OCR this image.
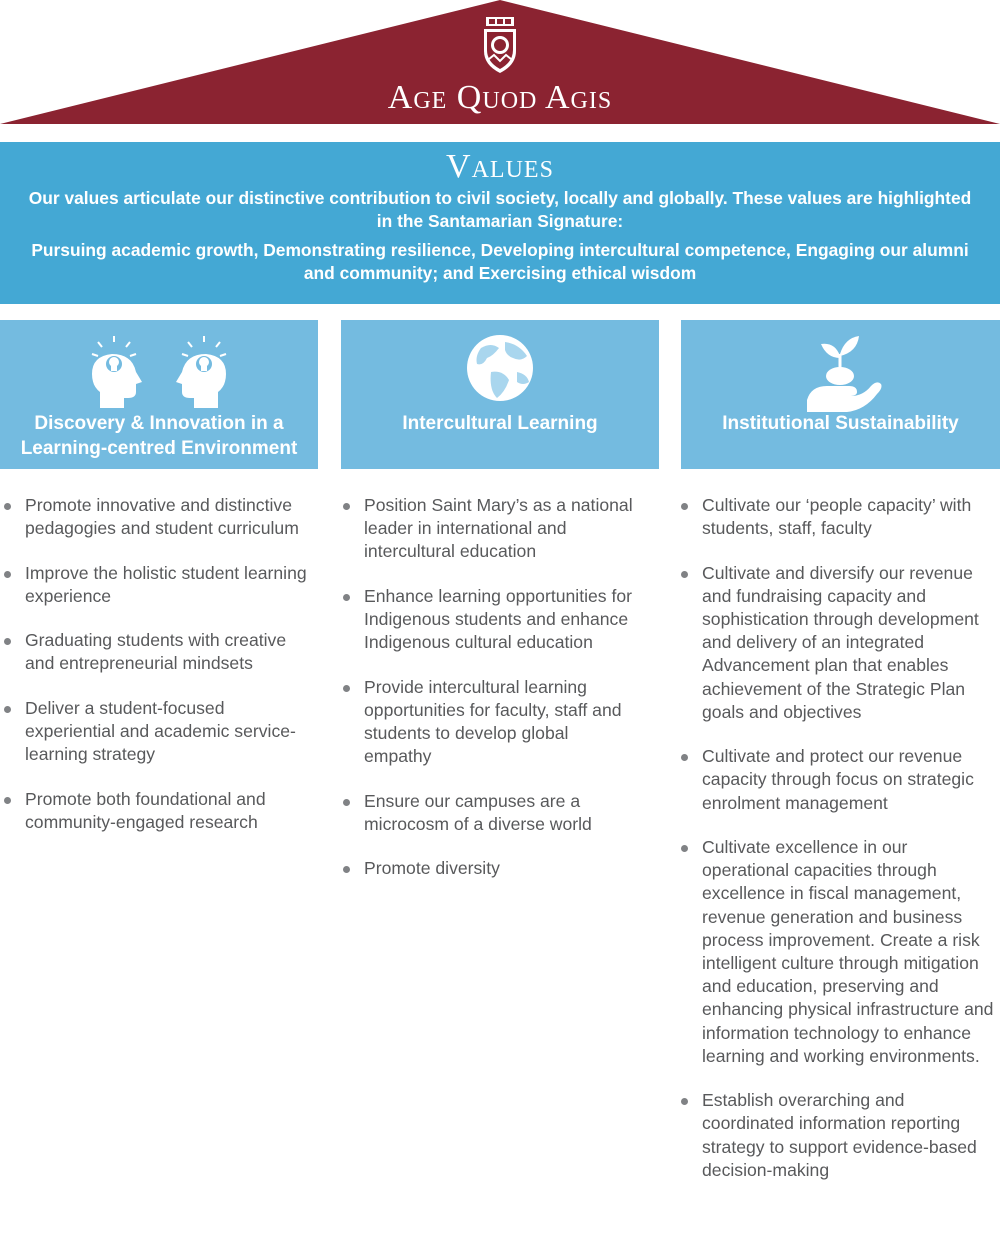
Age Quod Agis
Values
Our values articulate our distinctive contribution to civil society, locally and globally. These values are highlighted in the Santamarian Signature:
Pursuing academic growth, Demonstrating resilience, Developing intercultural competence, Engaging our alumni and community; and Exercising ethical wisdom
Discovery & Innovation in a Learning-centred Environment
Intercultural Learning	Institutional Sustainability
Promote innovative and distinctive pedagogies and student curriculum
Improve the holistic student learning experience
Graduating students with creative and entrepreneurial mindsets
Deliver a student-focused experiential and academic service-learning strategy
Promote both foundational and community-engaged research
Position Saint Mary’s as a national leader in international and intercultural education
Enhance learning opportunities for Indigenous students and enhance Indigenous cultural education
Provide intercultural learning opportunities for faculty, staff and students to develop global empathy
Ensure our campuses are a microcosm of a diverse world
Promote diversity
Cultivate our ‘people capacity’ with students, staff, faculty
Cultivate and diversify our revenue and fundraising capacity and sophistication through development and delivery of an integrated Advancement plan that enables achievement of the Strategic Plan goals and objectives
Cultivate and protect our revenue capacity through focus on strategic enrolment management
Cultivate excellence in our operational capacities through excellence in fiscal management, revenue generation and business process improvement. Create a risk intelligent culture through mitigation and education, preserving and enhancing physical infrastructure and information technology to enhance learning and working environments.
Establish overarching and coordinated information reporting strategy to support evidence-based decision-making
